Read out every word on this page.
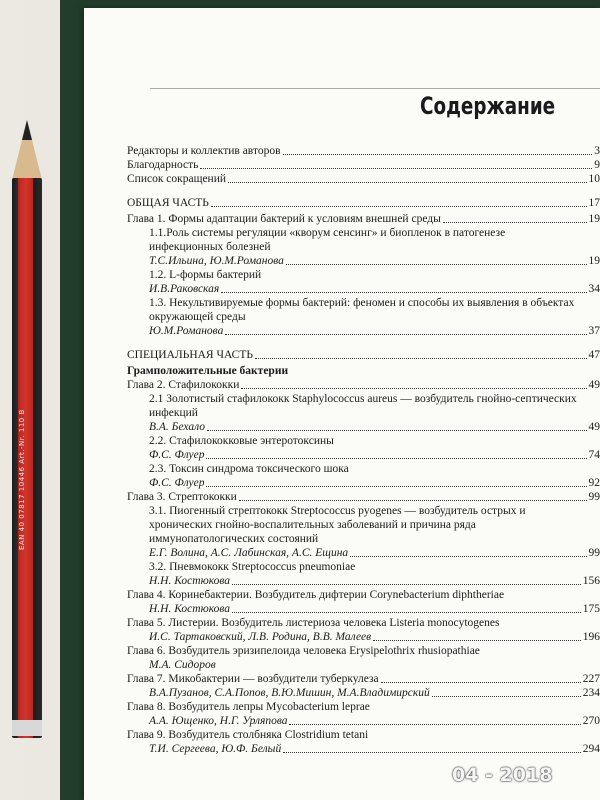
EAN 40 07817 10446 Art.-Nr. 110 B
Содержание
Редакторы и коллектив авторов	3
Благодарность	9
Список сокращений	10
ОБЩАЯ ЧАСТЬ	17
Глава 1. Формы адаптации бактерий к условиям внешней среды	19
1.1.Роль системы регуляции «кворум сенсинг» и биопленок в патогенезе инфекционных болезней
Т.С.Ильина, Ю.М.Романова	19
1.2. L-формы бактерий
И.В.Раковская	34
1.3. Некультивируемые формы бактерий: феномен и способы их выявления в объектах окружающей среды
Ю.М.Романова	37
СПЕЦИАЛЬНАЯ ЧАСТЬ	47
Грамположительные бактерии
Глава 2. Стафилококки	49
2.1 Золотистый стафилококк Staphylococcus aureus — возбудитель гнойно-септических инфекций
В.А. Бехало	49
2.2. Стафилококковые энтеротоксины
Ф.С. Флуер	74
2.3. Токсин синдрома токсического шока
Ф.С. Флуер	92
Глава 3. Стрептококки	99
3.1. Пиогенный стрептококк Streptococcus pyogenes — возбудитель острых и хронических гнойно-воспалительных заболеваний и причина ряда иммунопатологических состояний
Е.Г. Волина, А.С. Лабинская, А.С. Ещина	99
3.2. Пневмококк Streptococcus pneumoniae
Н.Н. Костюкова	156
Глава 4. Коринебактерии. Возбудитель дифтерии Corynebacterium diphtheriae
Н.Н. Костюкова	175
Глава 5. Листерии. Возбудитель листериоза человека Listeria monocytogenes
И.С. Тартаковский, Л.В. Родина, В.В. Малеев	196
Глава 6. Возбудитель эризипелоида человека Erysipelothrix rhusiopathiae
М.А. Сидоров
Глава 7. Микобактерии — возбудители туберкулеза	227
В.А.Пузанов, С.А.Попов, В.Ю.Мишин, М.А.Владимирский	234
Глава 8. Возбудитель лепры Mycobacterium leprae
А.А. Ющенко, Н.Г. Урляпова	270
Глава 9. Возбудитель столбняка Clostridium tetani
Т.И. Сергеева, Ю.Ф. Белый	294
04 - 2018
